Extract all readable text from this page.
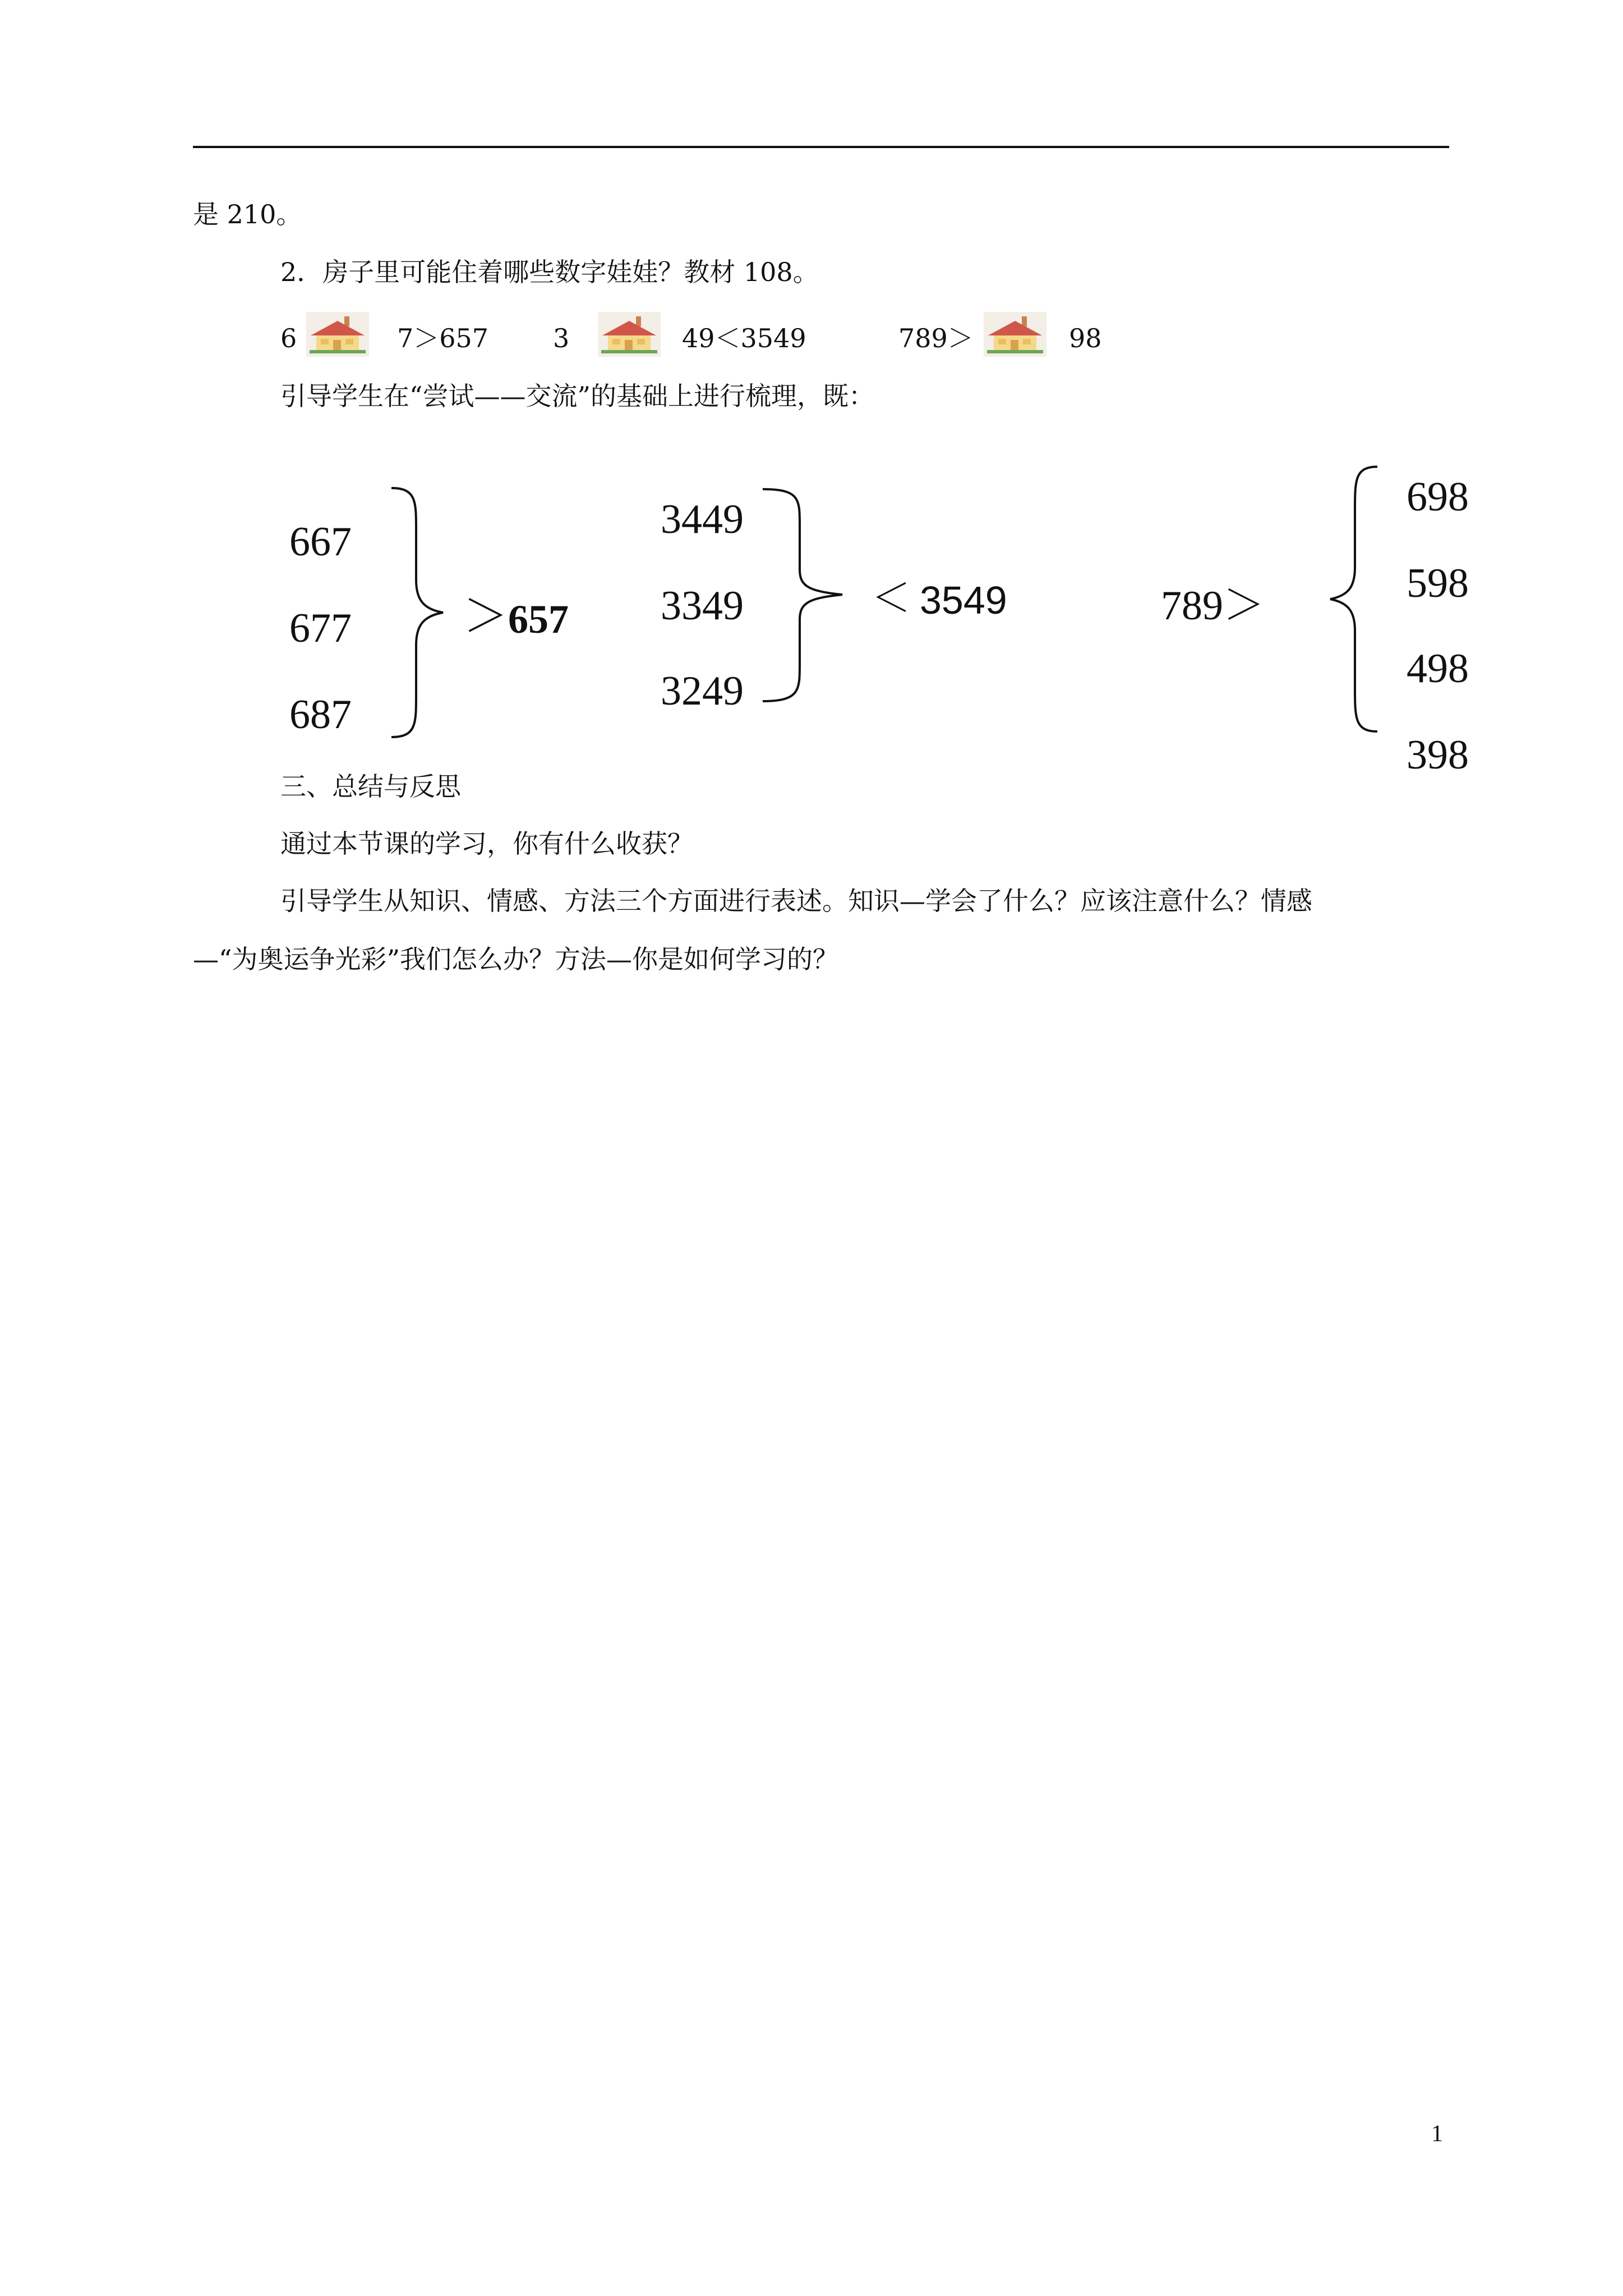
是 210。
2．房子里可能住着哪些数字娃娃？教材 108。
6	7＞657 3	49＜3549	789＞	98
引导学生在“尝试——交流”的基础上进行梳理，既：
667
677
687
＞ 657
3449
3349
3249
＜ 3549	789＞
698
598
498
398
三、总结与反思
通过本节课的学习，你有什么收获？
引导学生从知识、情感、方法三个方面进行表述。知识—学会了什么？应该注意什么？情感
—“为奥运争光彩”我们怎么办？方法—你是如何学习的？
1
